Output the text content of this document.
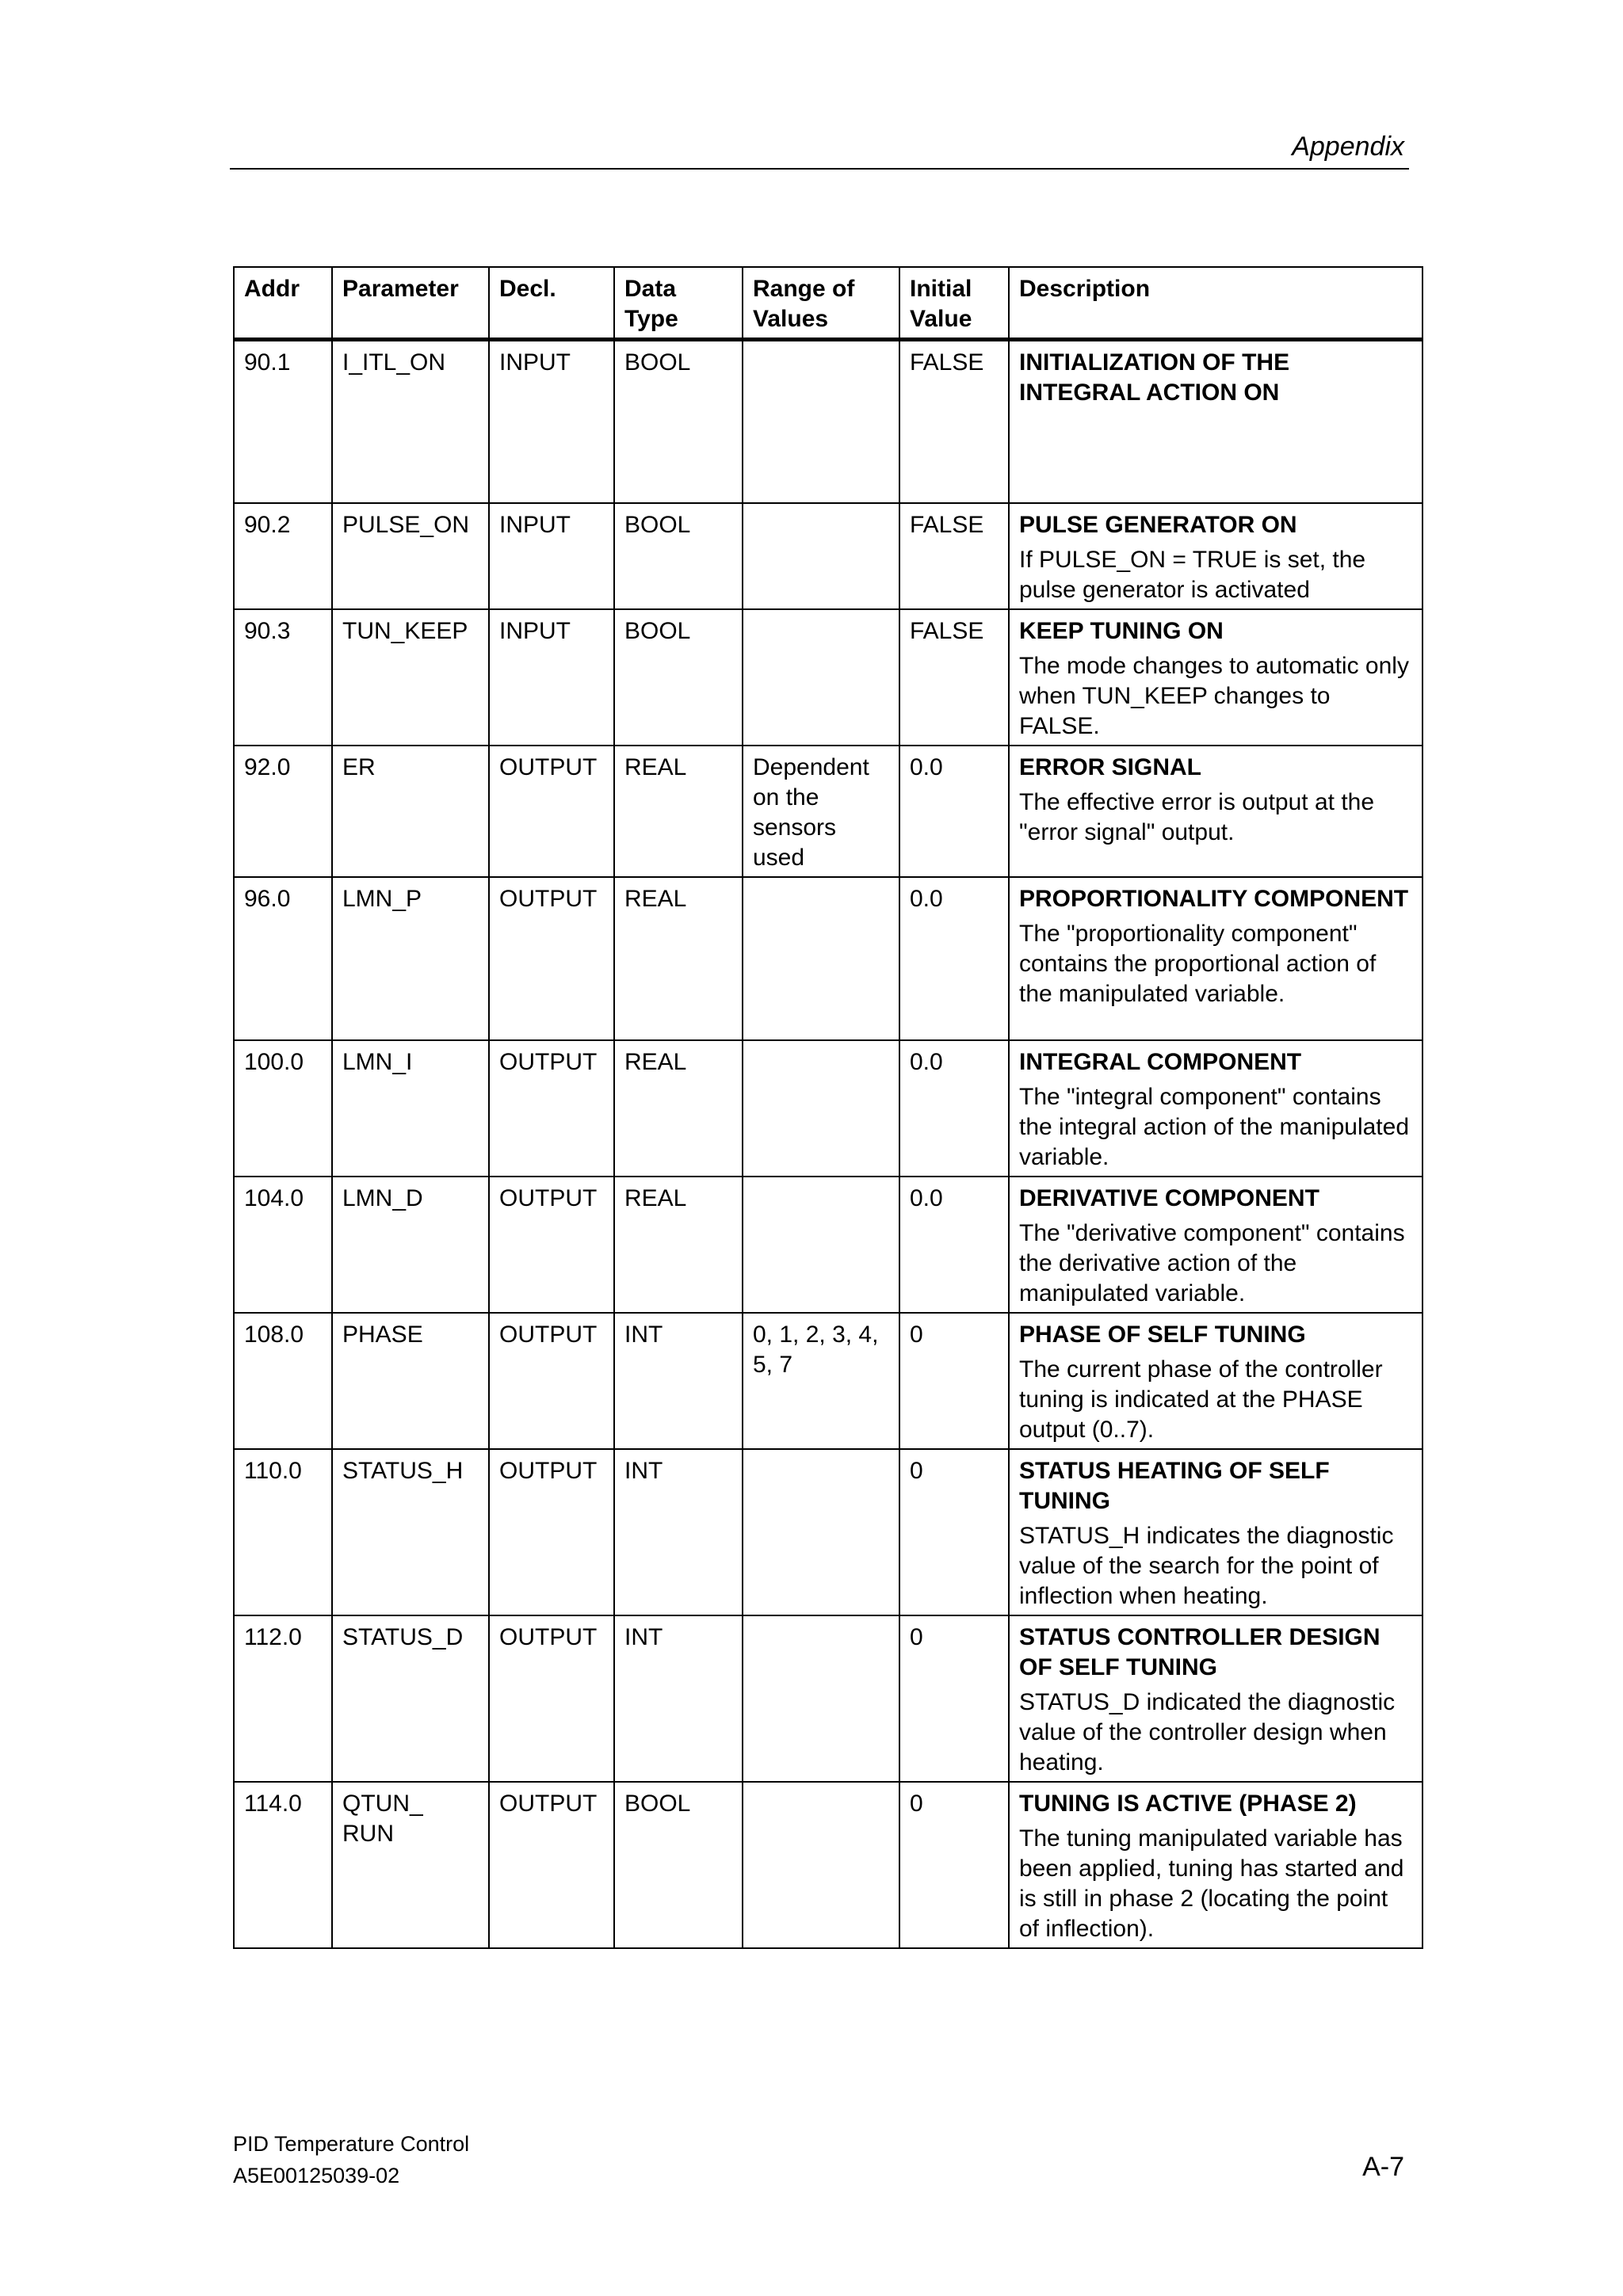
Appendix
Addr	Parameter	Decl.	Data Type	Range of Values	Initial Value	Description
90.1	I_ITL_ON	INPUT	BOOL		FALSE	INITIALIZATION OF THE INTEGRAL ACTION ON

90.2	PULSE_ON	INPUT	BOOL		FALSE	PULSE GENERATOR ON
If PULSE_ON = TRUE is set, the pulse generator is activated

90.3	TUN_KEEP	INPUT	BOOL		FALSE	KEEP TUNING ON
The mode changes to automatic only when TUN_KEEP changes to FALSE.

92.0	ER	OUTPUT	REAL	Dependent on the sensors used	0.0	ERROR SIGNAL
The effective error is output at the "error signal" output.

96.0	LMN_P	OUTPUT	REAL		0.0	PROPORTIONALITY COMPONENT
The "proportionality component" contains the proportional action of the manipulated variable.

100.0	LMN_I	OUTPUT	REAL		0.0	INTEGRAL COMPONENT
The "integral component" contains the integral action of the manipulated variable.

104.0	LMN_D	OUTPUT	REAL		0.0	DERIVATIVE COMPONENT
The "derivative component" contains the derivative action of the manipulated variable.

108.0	PHASE	OUTPUT	INT	0, 1, 2, 3, 4, 5, 7	0	PHASE OF SELF TUNING
The current phase of the controller tuning is indicated at the PHASE output (0..7).

110.0	STATUS_H	OUTPUT	INT		0	STATUS HEATING OF SELF TUNING
STATUS_H indicates the diagnostic value of the search for the point of inflection when heating.

112.0	STATUS_D	OUTPUT	INT		0	STATUS CONTROLLER DESIGN OF SELF TUNING
STATUS_D indicated the diagnostic value of the controller design when heating.

114.0	QTUN_ RUN	OUTPUT	BOOL		0	TUNING IS ACTIVE (PHASE 2)
The tuning manipulated variable has been applied, tuning has started and is still in phase 2 (locating the point of inflection).
PID Temperature Control
A5E00125039-02	A-7
